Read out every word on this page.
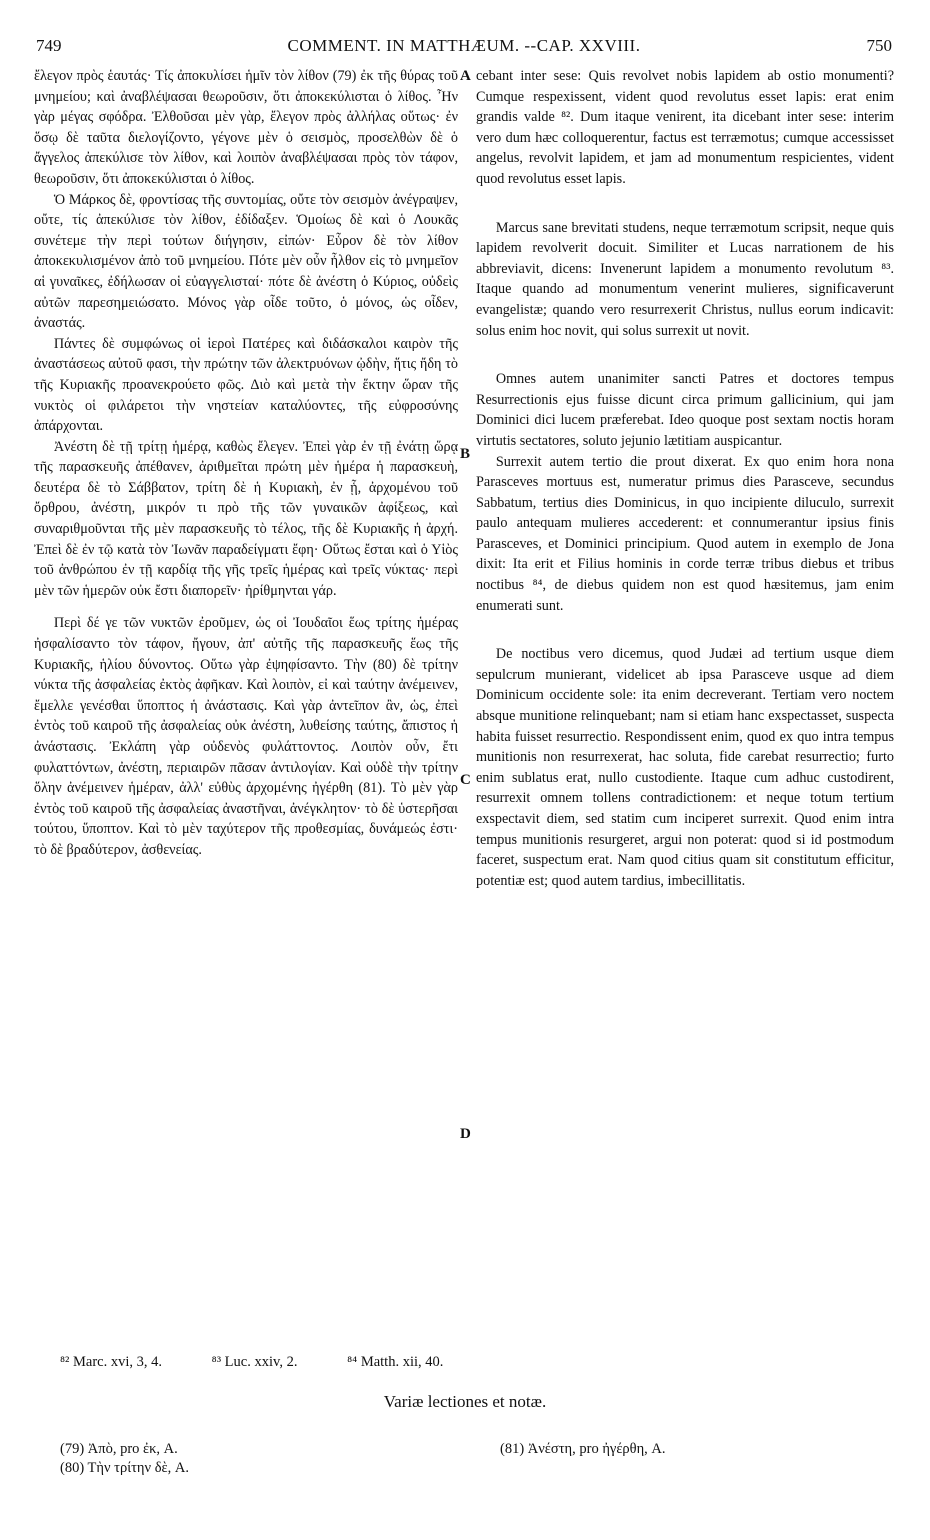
749	COMMENT. IN MATTHÆUM. --CAP. XXVIII.	750

ἔλεγον πρὸς ἑαυτάς· Τίς ἀποκυλίσει ἡμῖν τὸν λίθον (79) ἐκ τῆς θύρας τοῦ μνημείου; καὶ ἀναβλέψασαι θεωροῦσιν, ὅτι ἀποκεκύλισται ὁ λίθος. Ἦν γὰρ μέγας σφόδρα. Ἐλθοῦσαι μὲν γὰρ, ἔλεγον πρὸς ἀλλήλας οὕτως· ἐν ὅσῳ δὲ ταῦτα διελογίζοντο, γέγονε μὲν ὁ σεισμὸς, προσελθὼν δὲ ὁ ἄγγελος ἀπεκύλισε τὸν λίθον, καὶ λοιπὸν ἀναβλέψασαι πρὸς τὸν τάφον, θεωροῦσιν, ὅτι ἀποκεκύλισται ὁ λίθος.

Ὁ Μάρκος δὲ, φροντίσας τῆς συντομίας, οὔτε τὸν σεισμὸν ἀνέγραψεν, οὔτε, τίς ἀπεκύλισε τὸν λίθον, ἐδίδαξεν. Ὁμοίως δὲ καὶ ὁ Λουκᾶς συνέτεμε τὴν περὶ τούτων διήγησιν, εἰπών· Εὗρον δὲ τὸν λίθον ἀποκεκυλισμένον ἀπὸ τοῦ μνημείου. Πότε μὲν οὖν ἦλθον εἰς τὸ μνημεῖον αἱ γυναῖκες, ἐδήλωσαν οἱ εὐαγγελισταί· πότε δὲ ἀνέστη ὁ Κύριος, οὐδεὶς αὐτῶν παρεσημειώσατο. Μόνος γὰρ οἶδε τοῦτο, ὁ μόνος, ὡς οἶδεν, ἀναστάς.

Πάντες δὲ συμφώνως οἱ ἱεροὶ Πατέρες καὶ διδάσκαλοι καιρὸν τῆς ἀναστάσεως αὐτοῦ φασι, τὴν πρώτην τῶν ἀλεκτρυόνων ᾠδὴν, ἥτις ἤδη τὸ τῆς Κυριακῆς προανεκρούετο φῶς. Διὸ καὶ μετὰ τὴν ἕκτην ὥραν τῆς νυκτὸς οἱ φιλάρετοι τὴν νηστείαν καταλύοντες, τῆς εὐφροσύνης ἀπάρχονται.

Ἀνέστη δὲ τῇ τρίτῃ ἡμέρᾳ, καθὼς ἔλεγεν. Ἐπεὶ γὰρ ἐν τῇ ἐνάτῃ ὥρᾳ τῆς παρασκευῆς ἀπέθανεν, ἀριθμεῖται πρώτη μὲν ἡμέρα ἡ παρασκευὴ, δευτέρα δὲ τὸ Σάββατον, τρίτη δὲ ἡ Κυριακὴ, ἐν ᾗ, ἀρχομένου τοῦ ὄρθρου, ἀνέστη, μικρόν τι πρὸ τῆς τῶν γυναικῶν ἀφίξεως, καὶ συναριθμοῦνται τῆς μὲν παρασκευῆς τὸ τέλος, τῆς δὲ Κυριακῆς ἡ ἀρχή. Ἐπεὶ δὲ ἐν τῷ κατὰ τὸν Ἰωνᾶν παραδείγματι ἔφη· Οὕτως ἔσται καὶ ὁ Υἱὸς τοῦ ἀνθρώπου ἐν τῇ καρδίᾳ τῆς γῆς τρεῖς ἡμέρας καὶ τρεῖς νύκτας· περὶ μὲν τῶν ἡμερῶν οὐκ ἔστι διαπορεῖν· ἠρίθμηνται γάρ.

Περὶ δέ γε τῶν νυκτῶν ἐροῦμεν, ὡς οἱ Ἰουδαῖοι ἕως τρίτης ἡμέρας ἠσφαλίσαντο τὸν τάφον, ἤγουν, ἀπ' αὐτῆς τῆς παρασκευῆς ἕως τῆς Κυριακῆς, ἡλίου δύνοντος. Οὕτω γὰρ ἐψηφίσαντο. Τὴν (80) δὲ τρίτην νύκτα τῆς ἀσφαλείας ἐκτὸς ἀφῆκαν. Καὶ λοιπὸν, εἰ καὶ ταύτην ἀνέμεινεν, ἔμελλε γενέσθαι ὕποπτος ἡ ἀνάστασις. Καὶ γὰρ ἀντεῖπον ἂν, ὡς, ἐπεὶ ἐντὸς τοῦ καιροῦ τῆς ἀσφαλείας οὐκ ἀνέστη, λυθείσης ταύτης, ἄπιστος ἡ ἀνάστασις. Ἐκλάπη γὰρ οὐδενὸς φυλάττοντος. Λοιπὸν οὖν, ἔτι φυλαττόντων, ἀνέστη, περιαιρῶν πᾶσαν ἀντιλογίαν. Καὶ οὐδὲ τὴν τρίτην ὅλην ἀνέμεινεν ἡμέραν, ἀλλ' εὐθὺς ἀρχομένης ἠγέρθη (81). Τὸ μὲν γὰρ ἐντὸς τοῦ καιροῦ τῆς ἀσφαλείας ἀναστῆναι, ἀνέγκλητον· τὸ δὲ ὑστερῆσαι τούτου, ὕποπτον. Καὶ τὸ μὲν ταχύτερον τῆς προθεσμίας, δυνάμεώς ἐστι· τὸ δὲ βραδύτερον, ἀσθενείας.

A
B
C
D

cebant inter sese: Quis revolvet nobis lapidem ab ostio monumenti? Cumque respexissent, vident quod revolutus esset lapis: erat enim grandis valde ⁸². Dum itaque venirent, ita dicebant inter sese: interim vero dum hæc colloquerentur, factus est terræmotus; cumque accessisset angelus, revolvit lapidem, et jam ad monumentum respicientes, vident quod revolutus esset lapis.

Marcus sane brevitati studens, neque terræmotum scripsit, neque quis lapidem revolverit docuit. Similiter et Lucas narrationem de his abbreviavit, dicens: Invenerunt lapidem a monumento revolutum ⁸³. Itaque quando ad monumentum venerint mulieres, significaverunt evangelistæ; quando vero resurrexerit Christus, nullus eorum indicavit: solus enim hoc novit, qui solus surrexit ut novit.

Omnes autem unanimiter sancti Patres et doctores tempus Resurrectionis ejus fuisse dicunt circa primum gallicinium, qui jam Dominici dici lucem præferebat. Ideo quoque post sextam noctis horam virtutis sectatores, soluto jejunio lætitiam auspicantur.

Surrexit autem tertio die prout dixerat. Ex quo enim hora nona Parasceves mortuus est, numeratur primus dies Parasceve, secundus Sabbatum, tertius dies Dominicus, in quo incipiente diluculo, surrexit paulo antequam mulieres accederent: et connumerantur ipsius finis Parasceves, et Dominici principium. Quod autem in exemplo de Jona dixit: Ita erit et Filius hominis in corde terræ tribus diebus et tribus noctibus ⁸⁴, de diebus quidem non est quod hæsitemus, jam enim enumerati sunt.

De noctibus vero dicemus, quod Judæi ad tertium usque diem sepulcrum munierant, videlicet ab ipsa Parasceve usque ad diem Dominicum occidente sole: ita enim decreverant. Tertiam vero noctem absque munitione relinquebant; nam si etiam hanc exspectasset, suspecta habita fuisset resurrectio. Respondissent enim, quod ex quo intra tempus munitionis non resurrexerat, hac soluta, fide carebat resurrectio; furto enim sublatus erat, nullo custodiente. Itaque cum adhuc custodirent, resurrexit omnem tollens contradictionem: et neque totum tertium exspectavit diem, sed statim cum inciperet surrexit. Quod enim intra tempus munitionis resurgeret, argui non poterat: quod si id postmodum faceret, suspectum erat. Nam quod citius quam sit constitutum efficitur, potentiæ est; quod autem tardius, imbecillitatis.

⁸² Marc. xvi, 3, 4.	⁸³ Luc. xxiv, 2.	⁸⁴ Matth. xii, 40.
Variæ lectiones et notæ.
(79) Ἀπὸ, pro ἐκ, A.
(80) Τὴν τρίτην δὲ, A.
(81) Ἀνέστη, pro ἠγέρθη, A.
